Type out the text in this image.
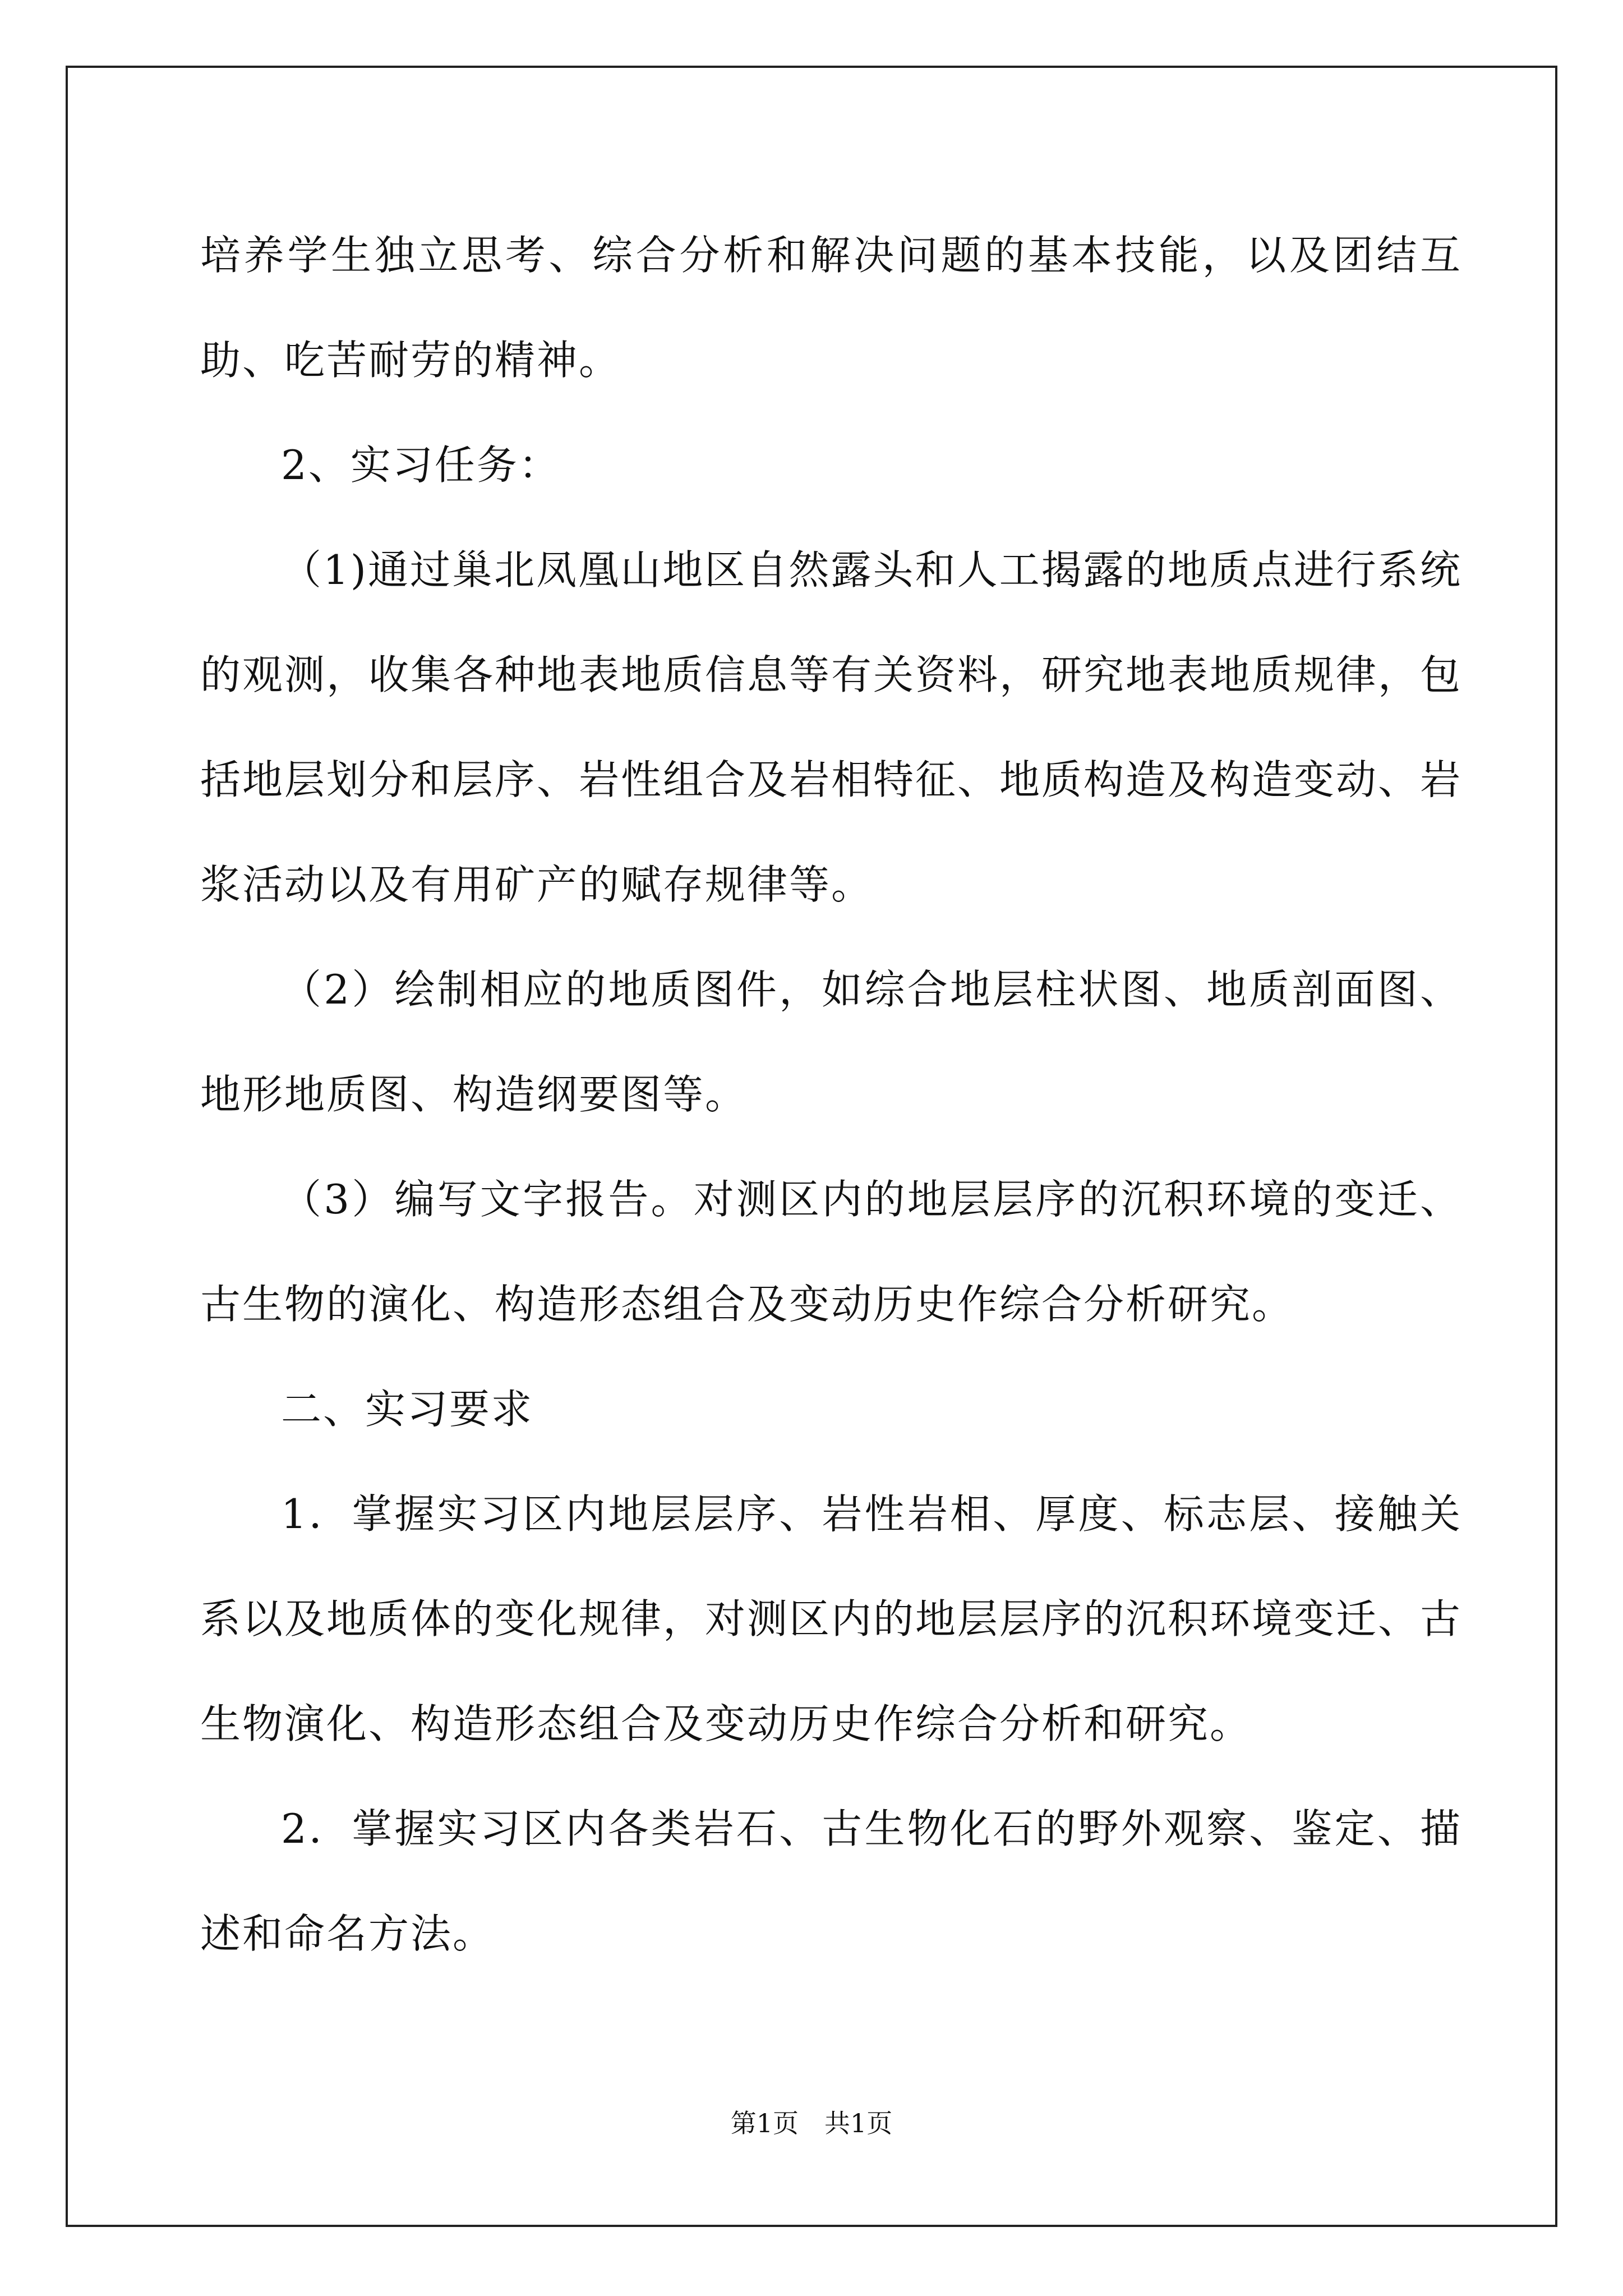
培养学生独立思考、综合分析和解决问题的基本技能，以及团结互助、吃苦耐劳的精神。

2、实习任务：

（1)通过巢北凤凰山地区自然露头和人工揭露的地质点进行系统的观测，收集各种地表地质信息等有关资料，研究地表地质规律，包括地层划分和层序、岩性组合及岩相特征、地质构造及构造变动、岩浆活动以及有用矿产的赋存规律等。

（2）绘制相应的地质图件，如综合地层柱状图、地质剖面图、地形地质图、构造纲要图等。

（3）编写文字报告。对测区内的地层层序的沉积环境的变迁、古生物的演化、构造形态组合及变动历史作综合分析研究。

二、实习要求

1．掌握实习区内地层层序、岩性岩相、厚度、标志层、接触关系以及地质体的变化规律，对测区内的地层层序的沉积环境变迁、古生物演化、构造形态组合及变动历史作综合分析和研究。

2．掌握实习区内各类岩石、古生物化石的野外观察、鉴定、描述和命名方法。

第1页 共1页
